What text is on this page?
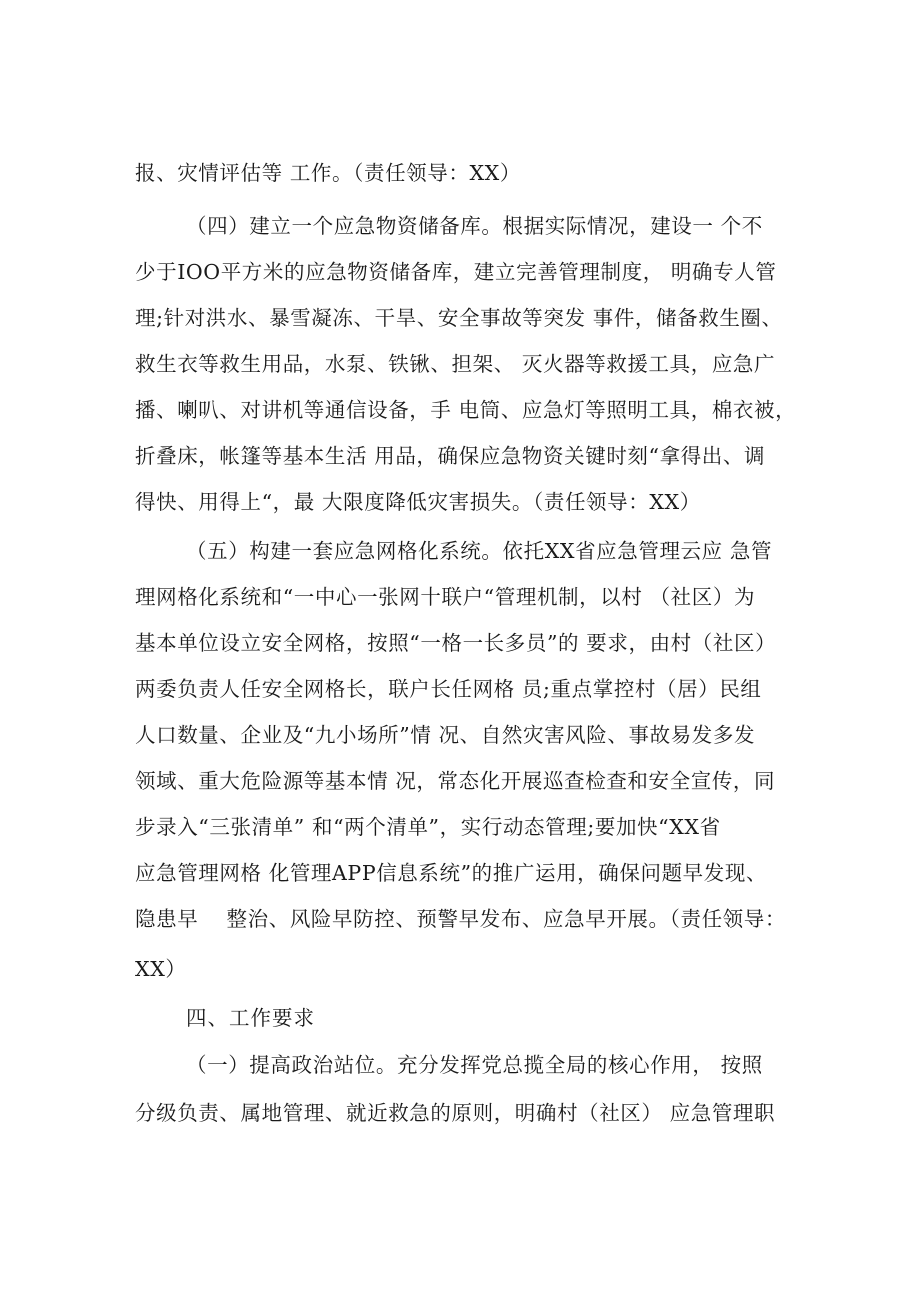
报、灾情评估等 工作。（责任领导：XX）
（四）建立一个应急物资储备库。根据实际情况，建设一 个不
少于IOO平方米的应急物资储备库，建立完善管理制度， 明确专人管
理;针对洪水、暴雪凝冻、干旱、安全事故等突发 事件，储备救生圈、
救生衣等救生用品，水泵、铁锹、担架、 灭火器等救援工具，应急广
播、喇叭、对讲机等通信设备，手 电筒、应急灯等照明工具，棉衣被，
折叠床，帐篷等基本生活 用品，确保应急物资关键时刻“拿得出、调
得快、用得上“，最 大限度降低灾害损失。（责任领导：XX）
（五）构建一套应急网格化系统。依托XX省应急管理云应 急管
理网格化系统和“一中心一张网十联户“管理机制，以村 （社区）为
基本单位设立安全网格，按照“一格一长多员”的 要求，由村（社区）
两委负责人任安全网格长，联户长任网格 员;重点掌控村（居）民组
人口数量、企业及“九小场所”情 况、自然灾害风险、事故易发多发
领域、重大危险源等基本情 况，常态化开展巡查检查和安全宣传，同
步录入“三张清单” 和“两个清单”，实行动态管理;要加快“XX省
应急管理网格 化管理APP信息系统”的推广运用，确保问题早发现、
隐患早　 整治、风险早防控、预警早发布、应急早开展。（责任领导：
XX）
四、工作要求
（一）提高政治站位。充分发挥党总揽全局的核心作用， 按照
分级负责、属地管理、就近救急的原则，明确村（社区） 应急管理职
